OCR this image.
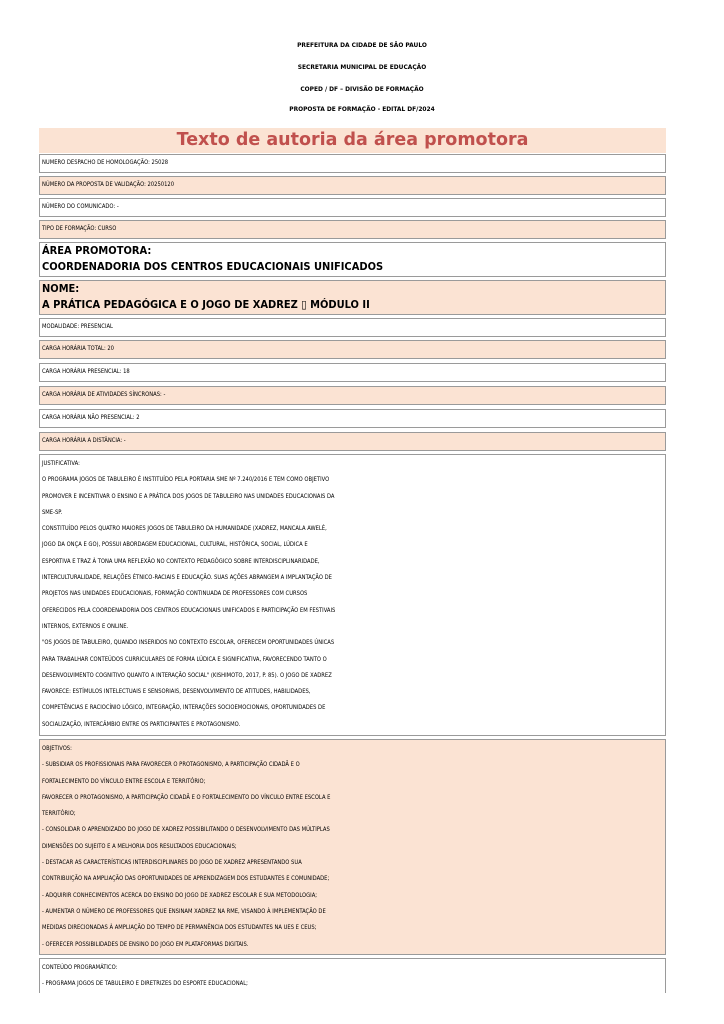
PREFEITURA DA CIDADE DE SÃO PAULO
SECRETARIA MUNICIPAL DE EDUCAÇÃO
COPED / DF – DIVISÃO DE FORMAÇÃO
PROPOSTA DE FORMAÇÃO - EDITAL DF/2024
Texto de autoria da área promotora
NUMERO DESPACHO DE HOMOLOGAÇÃO: 25028
NÚMERO DA PROPOSTA DE VALIDAÇÃO: 20250120
NÚMERO DO COMUNICADO: -
TIPO DE FORMAÇÃO: CURSO
ÁREA PROMOTORA:
COORDENADORIA DOS CENTROS EDUCACIONAIS UNIFICADOS
NOME:
A PRÁTICA PEDAGÓGICA E O JOGO DE XADREZ ▯ MÓDULO II
MODALIDADE: PRESENCIAL
CARGA HORÁRIA TOTAL: 20
CARGA HORÁRIA PRESENCIAL: 18
CARGA HORÁRIA DE ATIVIDADES SÍNCRONAS: -
CARGA HORÁRIA NÃO PRESENCIAL: 2
CARGA HORÁRIA A DISTÂNCIA: -

JUSTIFICATIVA:

O PROGRAMA JOGOS DE TABULEIRO É INSTITUÍDO PELA PORTARIA SME Nº 7.240/2016 E TEM COMO OBJETIVO

PROMOVER E INCENTIVAR O ENSINO E A PRÁTICA DOS JOGOS DE TABULEIRO NAS UNIDADES EDUCACIONAIS DA

SME-SP.

CONSTITUÍDO PELOS QUATRO MAIORES JOGOS DE TABULEIRO DA HUMANIDADE (XADREZ, MANCALA AWELÉ,

JOGO DA ONÇA E GO), POSSUI ABORDAGEM EDUCACIONAL, CULTURAL, HISTÓRICA, SOCIAL, LÚDICA E

ESPORTIVA E TRAZ À TONA UMA REFLEXÃO NO CONTEXTO PEDAGÓGICO SOBRE INTERDISCIPLINARIDADE,

INTERCULTURALIDADE, RELAÇÕES ÉTNICO-RACIAIS E EDUCAÇÃO. SUAS AÇÕES ABRANGEM A IMPLANTAÇÃO DE

PROJETOS NAS UNIDADES EDUCACIONAIS, FORMAÇÃO CONTINUADA DE PROFESSORES COM CURSOS

OFERECIDOS PELA COORDENADORIA DOS CENTROS EDUCACIONAIS UNIFICADOS E PARTICIPAÇÃO EM FESTIVAIS

INTERNOS, EXTERNOS E ONLINE.

"OS JOGOS DE TABULEIRO, QUANDO INSERIDOS NO CONTEXTO ESCOLAR, OFERECEM OPORTUNIDADES ÚNICAS

PARA TRABALHAR CONTEÚDOS CURRICULARES DE FORMA LÚDICA E SIGNIFICATIVA, FAVORECENDO TANTO O

DESENVOLVIMENTO COGNITIVO QUANTO A INTERAÇÃO SOCIAL" (KISHIMOTO, 2017, P. 85). O JOGO DE XADREZ

FAVORECE: ESTÍMULOS INTELECTUAIS E SENSORIAIS, DESENVOLVIMENTO DE ATITUDES, HABILIDADES,

COMPETÊNCIAS E RACIOCÍNIO LÓGICO, INTEGRAÇÃO, INTERAÇÕES SOCIOEMOCIONAIS, OPORTUNIDADES DE

SOCIALIZAÇÃO, INTERCÂMBIO ENTRE OS PARTICIPANTES E PROTAGONISMO.

OBJETIVOS:

- SUBSIDIAR OS PROFISSIONAIS PARA FAVORECER O PROTAGONISMO, A PARTICIPAÇÃO CIDADÃ E O

FORTALECIMENTO DO VÍNCULO ENTRE ESCOLA E TERRITÓRIO;

FAVORECER O PROTAGONISMO, A PARTICIPAÇÃO CIDADÃ E O FORTALECIMENTO DO VÍNCULO ENTRE ESCOLA E

TERRITÓRIO;

- CONSOLIDAR O APRENDIZADO DO JOGO DE XADREZ POSSIBILITANDO O DESENVOLVIMENTO DAS MÚLTIPLAS

DIMENSÕES DO SUJEITO E A MELHORIA DOS RESULTADOS EDUCACIONAIS;

- DESTACAR AS CARACTERÍSTICAS INTERDISCIPLINARES DO JOGO DE XADREZ APRESENTANDO SUA

CONTRIBUIÇÃO NA AMPLIAÇÃO DAS OPORTUNIDADES DE APRENDIZAGEM DOS ESTUDANTES E COMUNIDADE;

- ADQUIRIR CONHECIMENTOS ACERCA DO ENSINO DO JOGO DE XADREZ ESCOLAR E SUA METODOLOGIA;

- AUMENTAR O NÚMERO DE PROFESSORES QUE ENSINAM XADREZ NA RME, VISANDO À IMPLEMENTAÇÃO DE

MEDIDAS DIRECIONADAS À AMPLIAÇÃO DO TEMPO DE PERMANÊNCIA DOS ESTUDANTES NA UES E CEUS;

- OFERECER POSSIBILIDADES DE ENSINO DO JOGO EM PLATAFORMAS DIGITAIS.

CONTEÚDO PROGRAMÁTICO:

- PROGRAMA JOGOS DE TABULEIRO E DIRETRIZES DO ESPORTE EDUCACIONAL;
